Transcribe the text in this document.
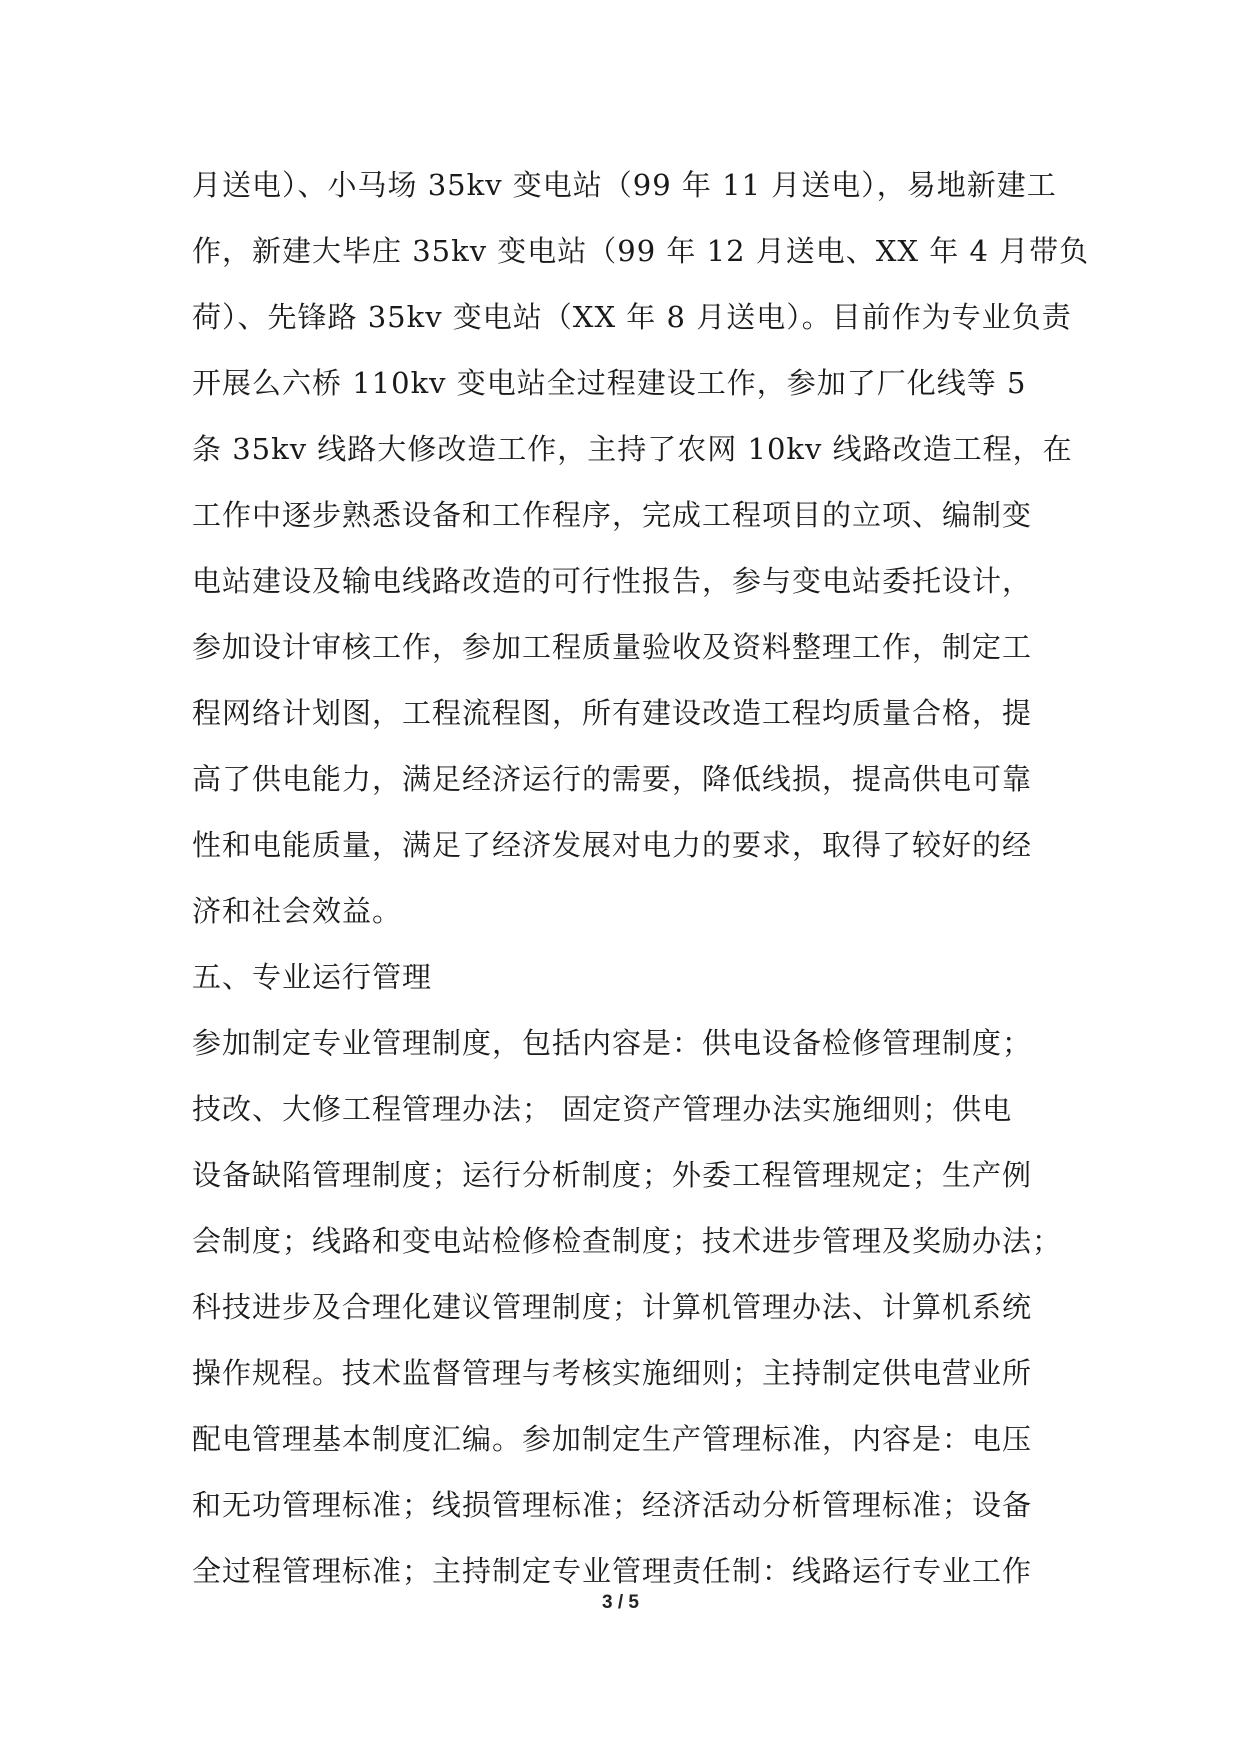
月送电）、小马场 35kv 变电站（99 年 11 月送电），易地新建工
作，新建大毕庄 35kv 变电站（99 年 12 月送电、XX 年 4 月带负
荷）、先锋路 35kv 变电站（XX 年 8 月送电）。目前作为专业负责
开展么六桥 110kv 变电站全过程建设工作，参加了厂化线等 5
条 35kv 线路大修改造工作，主持了农网 10kv 线路改造工程，在
工作中逐步熟悉设备和工作程序，完成工程项目的立项、编制变
电站建设及输电线路改造的可行性报告，参与变电站委托设计，
参加设计审核工作，参加工程质量验收及资料整理工作，制定工
程网络计划图，工程流程图，所有建设改造工程均质量合格，提
高了供电能力，满足经济运行的需要，降低线损，提高供电可靠
性和电能质量，满足了经济发展对电力的要求，取得了较好的经
济和社会效益。
五、专业运行管理
参加制定专业管理制度，包括内容是：供电设备检修管理制度；
技改、大修工程管理办法； 固定资产管理办法实施细则；供电
设备缺陷管理制度；运行分析制度；外委工程管理规定；生产例
会制度；线路和变电站检修检查制度；技术进步管理及奖励办法；
科技进步及合理化建议管理制度；计算机管理办法、计算机系统
操作规程。技术监督管理与考核实施细则；主持制定供电营业所
配电管理基本制度汇编。参加制定生产管理标准，内容是：电压
和无功管理标准；线损管理标准；经济活动分析管理标准；设备
全过程管理标准；主持制定专业管理责任制：线路运行专业工作
3 / 5
